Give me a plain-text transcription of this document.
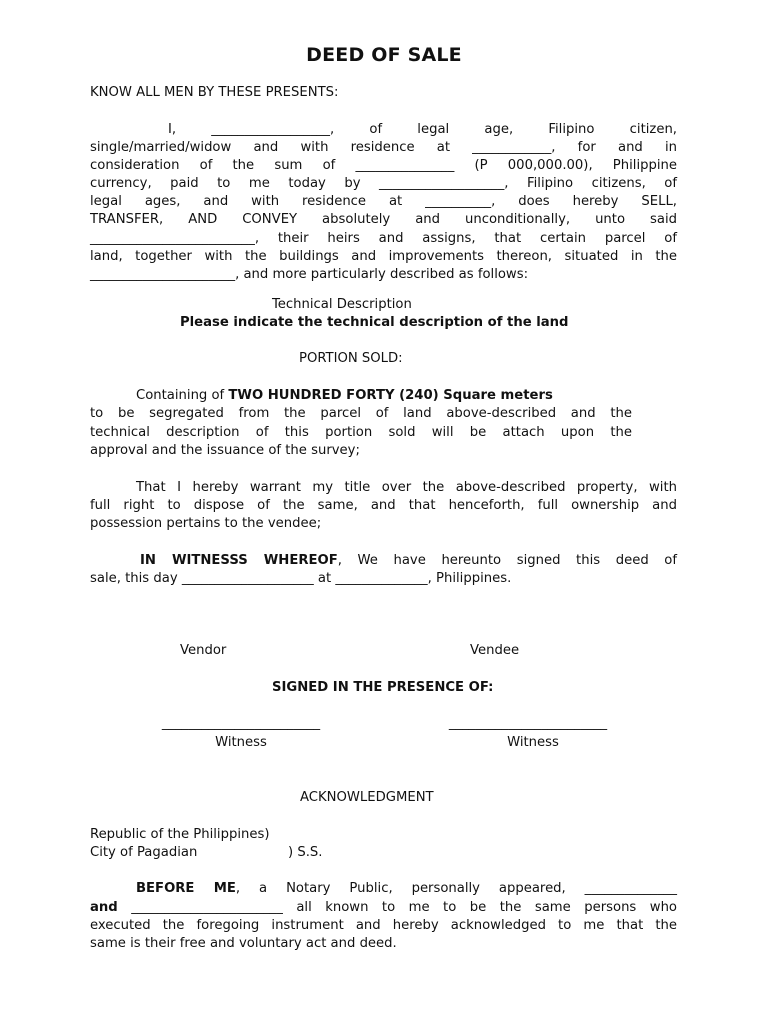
DEED OF SALE
KNOW ALL MEN BY THESE PRESENTS:
I, __________________, of legal age, Filipino citizen,
single/married/widow and with residence at ____________, for and in
consideration of the sum of _______________ (P 000,000.00), Philippine
currency, paid to me today by ___________________, Filipino citizens, of
legal ages, and with residence at __________, does hereby SELL,
TRANSFER, AND CONVEY absolutely and unconditionally, unto said
_________________________, their heirs and assigns, that certain parcel of
land, together with the buildings and improvements thereon, situated in the
______________________, and more particularly described as follows:
Technical Description
Please indicate the technical description of the land
PORTION SOLD:
Containing of TWO HUNDRED FORTY (240) Square meters
to be segregated from the parcel of land above-described and the
technical description of this portion sold will be attach upon the
approval and the issuance of the survey;
That I hereby warrant my title over the above-described property, with
full right to dispose of the same, and that henceforth, full ownership and
possession pertains to the vendee;
IN WITNESSS WHEREOF, We have hereunto signed this deed of
sale, this day ____________________ at ______________, Philippines.
Vendor	Vendee
SIGNED IN THE PRESENCE OF:
________________________	________________________
Witness	Witness
ACKNOWLEDGMENT
Republic of the Philippines)
City of Pagadian	) S.S.
BEFORE ME, a Notary Public, personally appeared, ______________
and _______________________ all known to me to be the same persons who
executed the foregoing instrument and hereby acknowledged to me that the
same is their free and voluntary act and deed.
